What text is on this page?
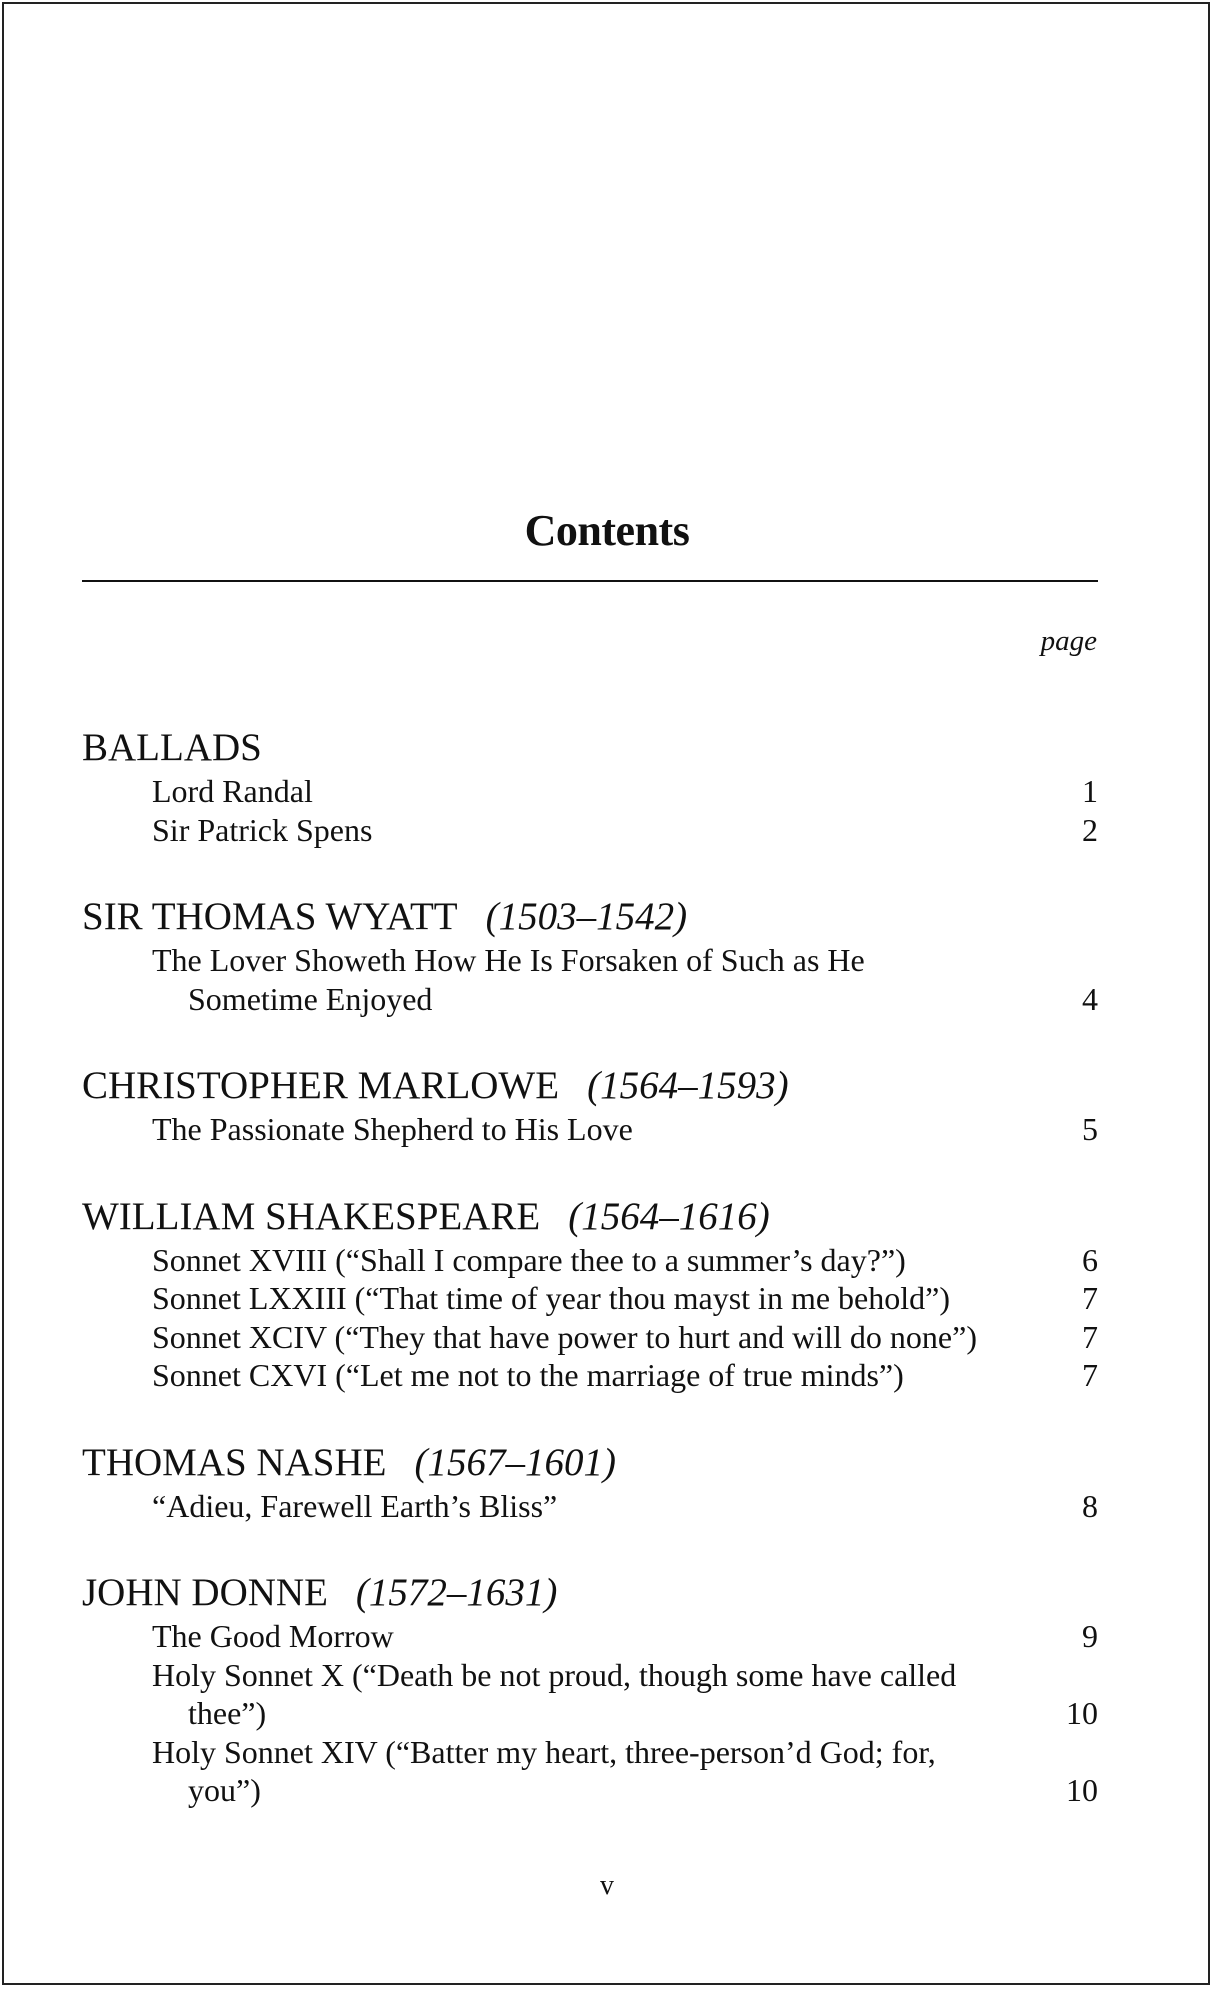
Contents
page
BALLADS
Lord Randal	1
Sir Patrick Spens	2
SIR THOMAS WYATT (1503–1542)
The Lover Showeth How He Is Forsaken of Such as He Sometime Enjoyed	4
CHRISTOPHER MARLOWE (1564–1593)
The Passionate Shepherd to His Love	5
WILLIAM SHAKESPEARE (1564–1616)
Sonnet XVIII (“Shall I compare thee to a summer’s day?”)	6
Sonnet LXXIII (“That time of year thou mayst in me behold”)	7
Sonnet XCIV (“They that have power to hurt and will do none”)	7
Sonnet CXVI (“Let me not to the marriage of true minds”)	7
THOMAS NASHE (1567–1601)
“Adieu, Farewell Earth’s Bliss”	8
JOHN DONNE (1572–1631)
The Good Morrow	9
Holy Sonnet X (“Death be not proud, though some have called thee”)	10
Holy Sonnet XIV (“Batter my heart, three-person’d God; for, you”)	10
v
